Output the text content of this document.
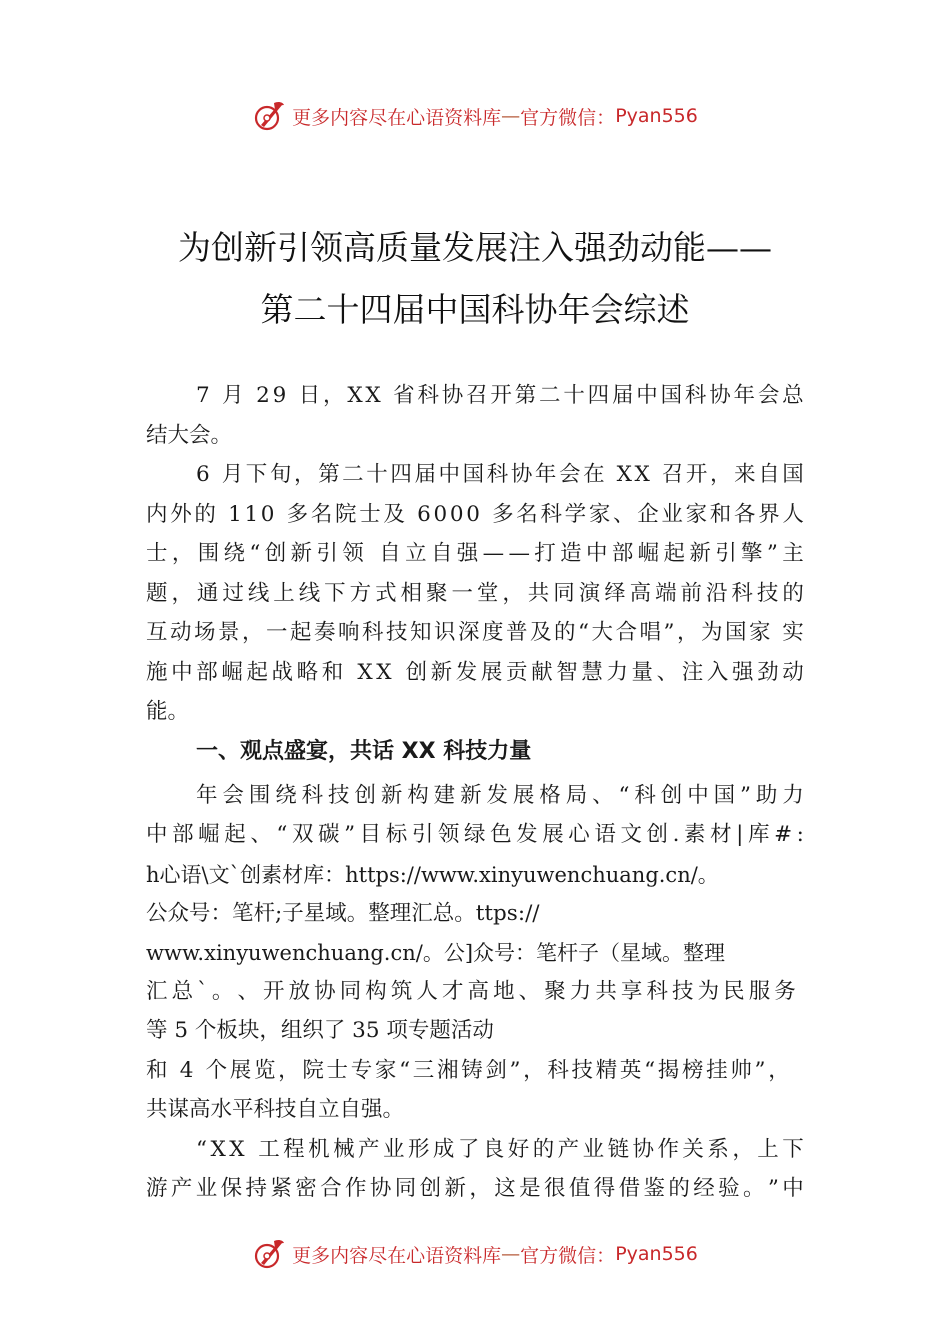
更多内容尽在心语资料库 — 官方微信： Pyan556
为创新引领高质量发展注入强劲动能——
第二十四届中国科协年会综述
7
月
2 9
日 ， X X
省 科 协 召 开 第 二 十 四 届 中 国 科 协 年 会 总
结大会。
6
月 下 旬 ， 第 二 十 四 届 中 国 科 协 年 会 在
X X
召 开 ， 来 自 国
内 外 的
1 1 0
多 名 院 士 及
6 0 0 0
多 名 科 学 家 、 企 业 家 和 各 界 人
士 ， 围 绕 “ 创 新 引 领
自 立 自 强 — — 打 造 中 部 崛 起 新 引 擎 ” 主
题 ， 通 过 线 上 线 下 方 式 相 聚 一 堂 ， 共 同 演 绎 高 端 前 沿 科 技 的
互 动 场 景 ， 一 起 奏 响 科 技 知 识 深 度 普 及 的 “ 大 合 唱 ” ， 为 国 家
实
施 中 部 崛 起 战 略 和
X X
创 新 发 展 贡 献 智 慧 力 量 、 注 入 强 劲 动
能。
一、观点盛宴，共话 XX 科技力量
年 会 围 绕 科 技 创 新 构 建 新 发 展 格 局 、 “ 科 创 中 国 ” 助 力
中 部 崛 起 、 “ 双 碳 ” 目 标 引 领 绿 色 发 展 心 语 文 创 . 素 材 | 库 # :
h心语\文`创素材库：https://www.xinyuwenchuang.cn/。
公众号：笔杆;子星域。整理汇总。ttps://
www.xinyuwenchuang.cn/。公]众号：笔杆子（星域。整理
汇 总 ` 。 、 开 放 协 同 构 筑 人 才 高 地 、 聚 力 共 享 科 技 为 民 服 务
等 5 个板块，组织了 35 项专题活动
和
4
个 展 览 ， 院 士 专 家 “ 三 湘 铸 剑 ” ， 科 技 精 英 “ 揭 榜 挂 帅 ” ，
共谋高水平科技自立自强。
“ X X
工 程 机 械 产 业 形 成 了 良 好 的 产 业 链 协 作 关 系 ， 上 下
游 产 业 保 持 紧 密 合 作 协 同 创 新 ， 这 是 很 值 得 借 鉴 的 经 验 。 ” 中
更多内容尽在心语资料库 — 官方微信： Pyan556
